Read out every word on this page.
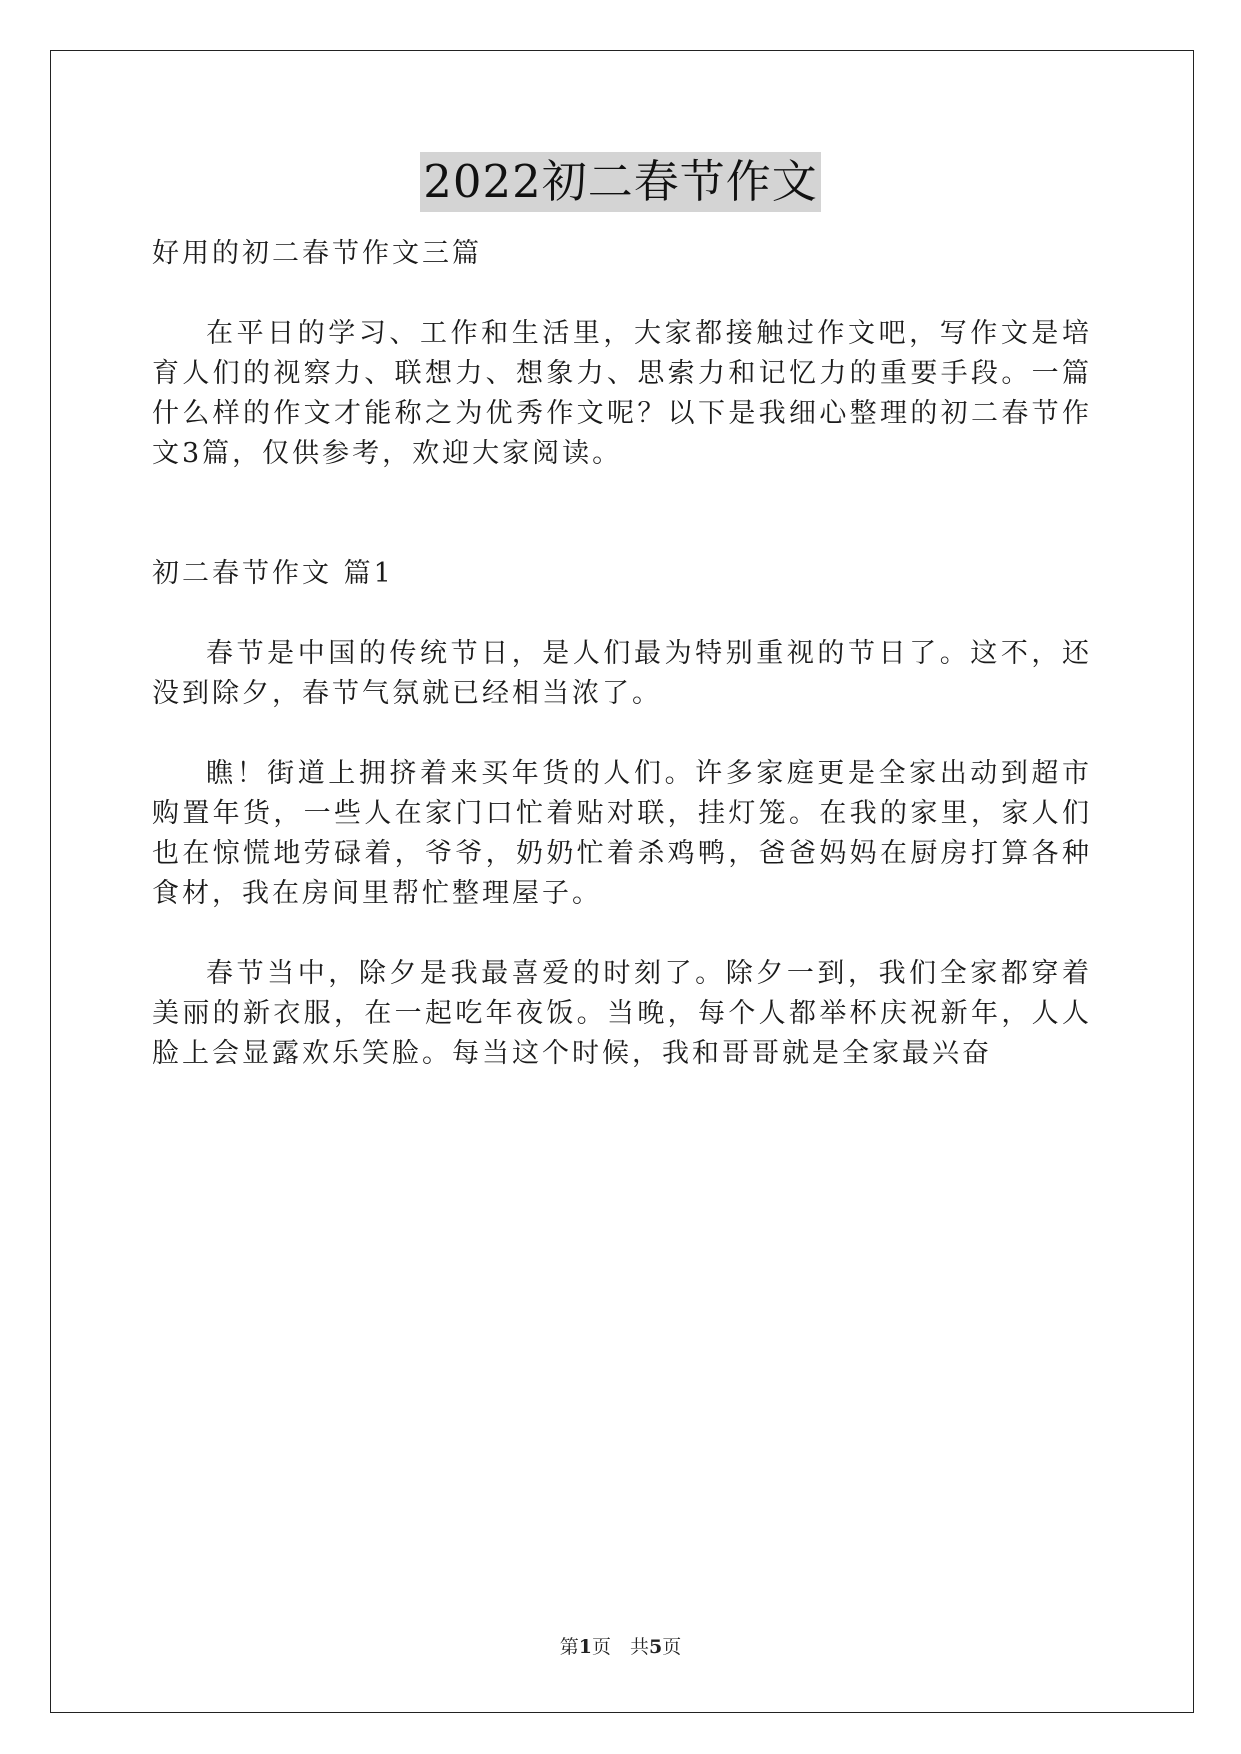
2022初二春节作文

好用的初二春节作文三篇

在平日的学习、工作和生活里，大家都接触过作文吧，写作文是培育人们的视察力、联想力、想象力、思索力和记忆力的重要手段。一篇什么样的作文才能称之为优秀作文呢？以下是我细心整理的初二春节作文3篇，仅供参考，欢迎大家阅读。

初二春节作文 篇1

春节是中国的传统节日，是人们最为特别重视的节日了。这不，还没到除夕，春节气氛就已经相当浓了。

瞧！街道上拥挤着来买年货的人们。许多家庭更是全家出动到超市购置年货，一些人在家门口忙着贴对联，挂灯笼。在我的家里，家人们也在惊慌地劳碌着，爷爷，奶奶忙着杀鸡鸭，爸爸妈妈在厨房打算各种食材，我在房间里帮忙整理屋子。

春节当中，除夕是我最喜爱的时刻了。除夕一到，我们全家都穿着美丽的新衣服，在一起吃年夜饭。当晚，每个人都举杯庆祝新年，人人脸上会显露欢乐笑脸。每当这个时候，我和哥哥就是全家最兴奋

第1页　共5页
